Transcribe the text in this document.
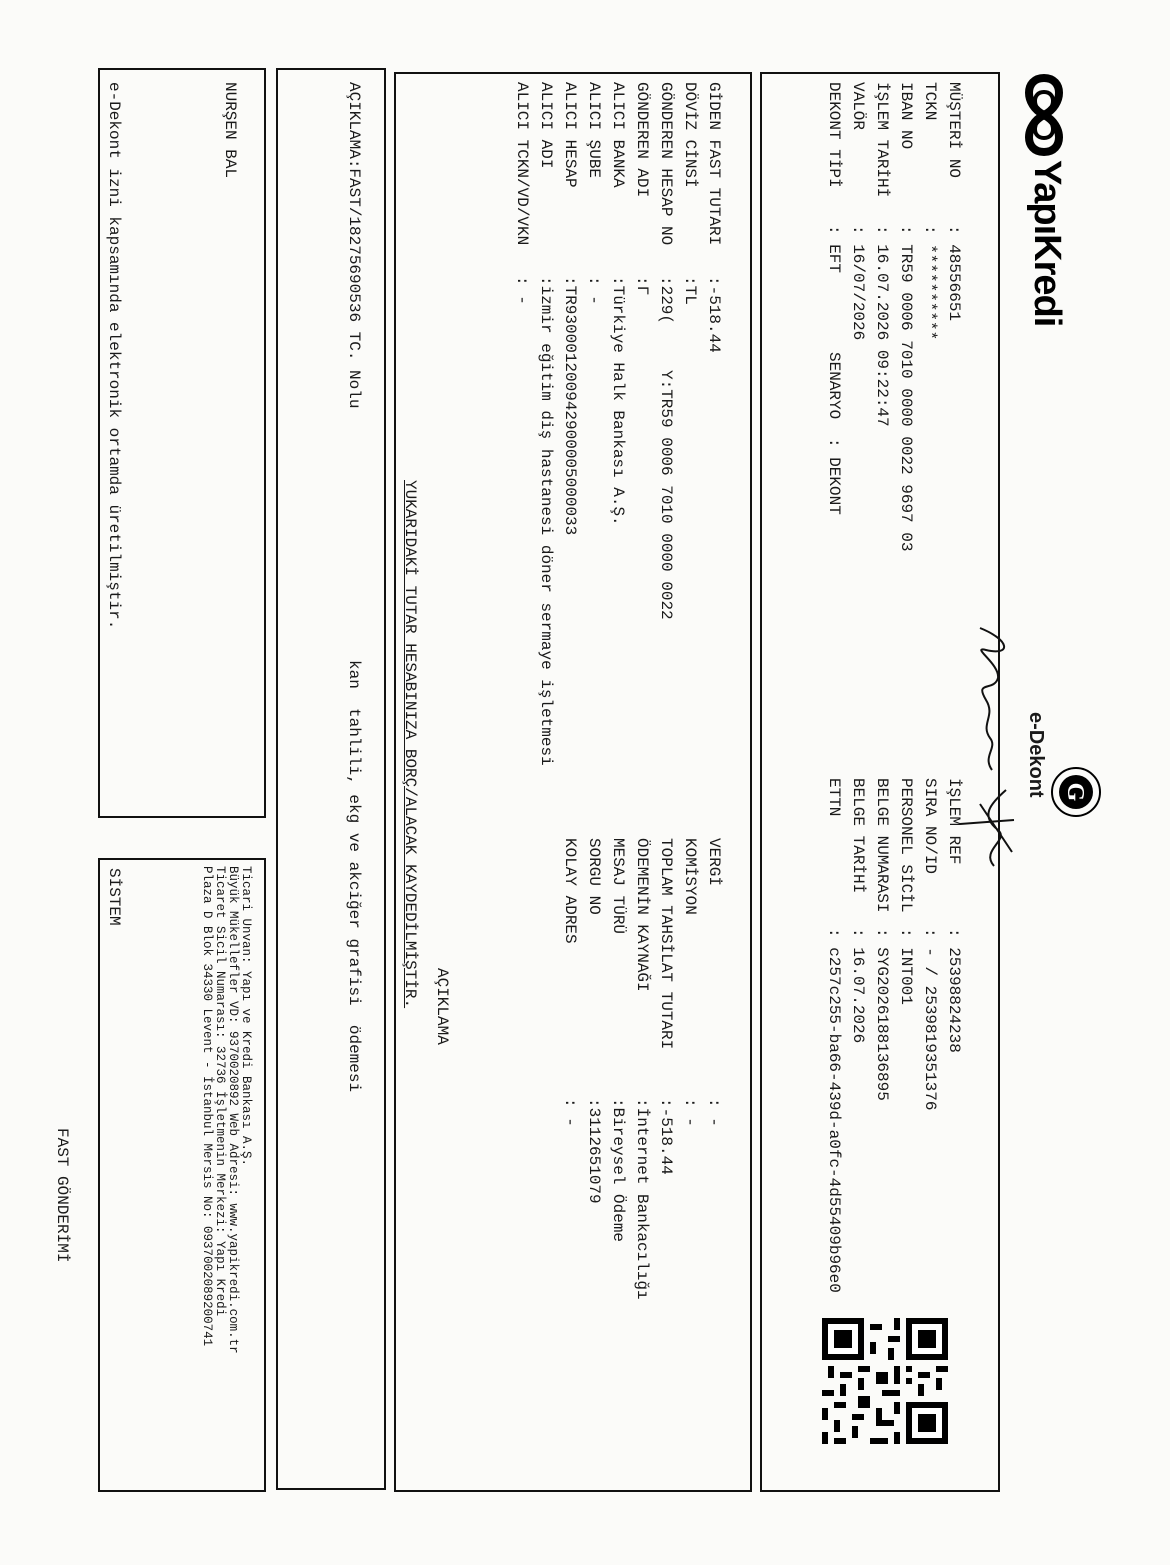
YapıKredi
G
e-Dekont
FAST GÖNDERİMİ
MÜŞTERİ NO
: 48556651
TCKN
: **********
IBAN NO
: TR59 0006 7010 0000 0022 9697 03
İŞLEM TARİHİ
: 16.07.2026 09:22:47
VALÖR
: 16/07/2026
DEKONT TİPİ
: EFT
SENARYO
: DEKONT
İŞLEM REF
: 25398824238
SIRA NO/ID
: - / 25398193513​76
PERSONEL SİCİL
: INT001
BELGE NUMARASI
: SYG2026188136895
BELGE TARİHİ
: 16.07.2026
ETTN
: c257c255-ba66-439d-a0fc-4d55409b96e0
GİDEN FAST TUTARI
:-518.44
DÖVİZ CİNSİ
:TL
GÖNDEREN HESAP NO
:229(
Y:TR59 0006 7010 0000 0022
GÖNDEREN ADI
:Γ
ALICI BANKA
:Türkiye Halk Bankası A.Ş.
ALICI ŞUBE
: -
ALICI HESAP
:TR930001200942900005000033
ALICI ADI
:izmir eğitim diş hastanesi döner sermaye işletmesi
ALICI TCKN/VD/VKN
: -
VERGİ
: -
KOMİSYON
: -
TOPLAM TAHSİLAT TUTARI
:-518.44
ÖDEMENİN KAYNAĞI
:İnternet Bankacılığı
MESAJ TÜRÜ
:Bireysel Ödeme
SORGU NO
:3112651079
KOLAY ADRES
: -
AÇIKLAMA
YUKARIDAKİ TUTAR HESABINIZA BORÇ/ALACAK KAYDEDİLMİŞTİR.
AÇIKLAMA:FAST/1827569053​6 TC. Nolu
kan  tahlili, ekg ve akciğer grafisi  ödemesi
NURŞEN BAL
e-Dekont izni kapsamında elektronik ortamda üretilmiştir.
Ticari Unvan: Yapı ve Kredi Bankası A.Ş.
Büyük Mükellefler VD: 9370020892 Web Adresi: www.yapikredi.com.tr
Ticaret Sicil Numarası: 32736 İşletmenin Merkezi: Yapı Kredi
Plaza D Blok 34330 Levent - İstanbul Mersis No: 0937002089200741
SİSTEM
